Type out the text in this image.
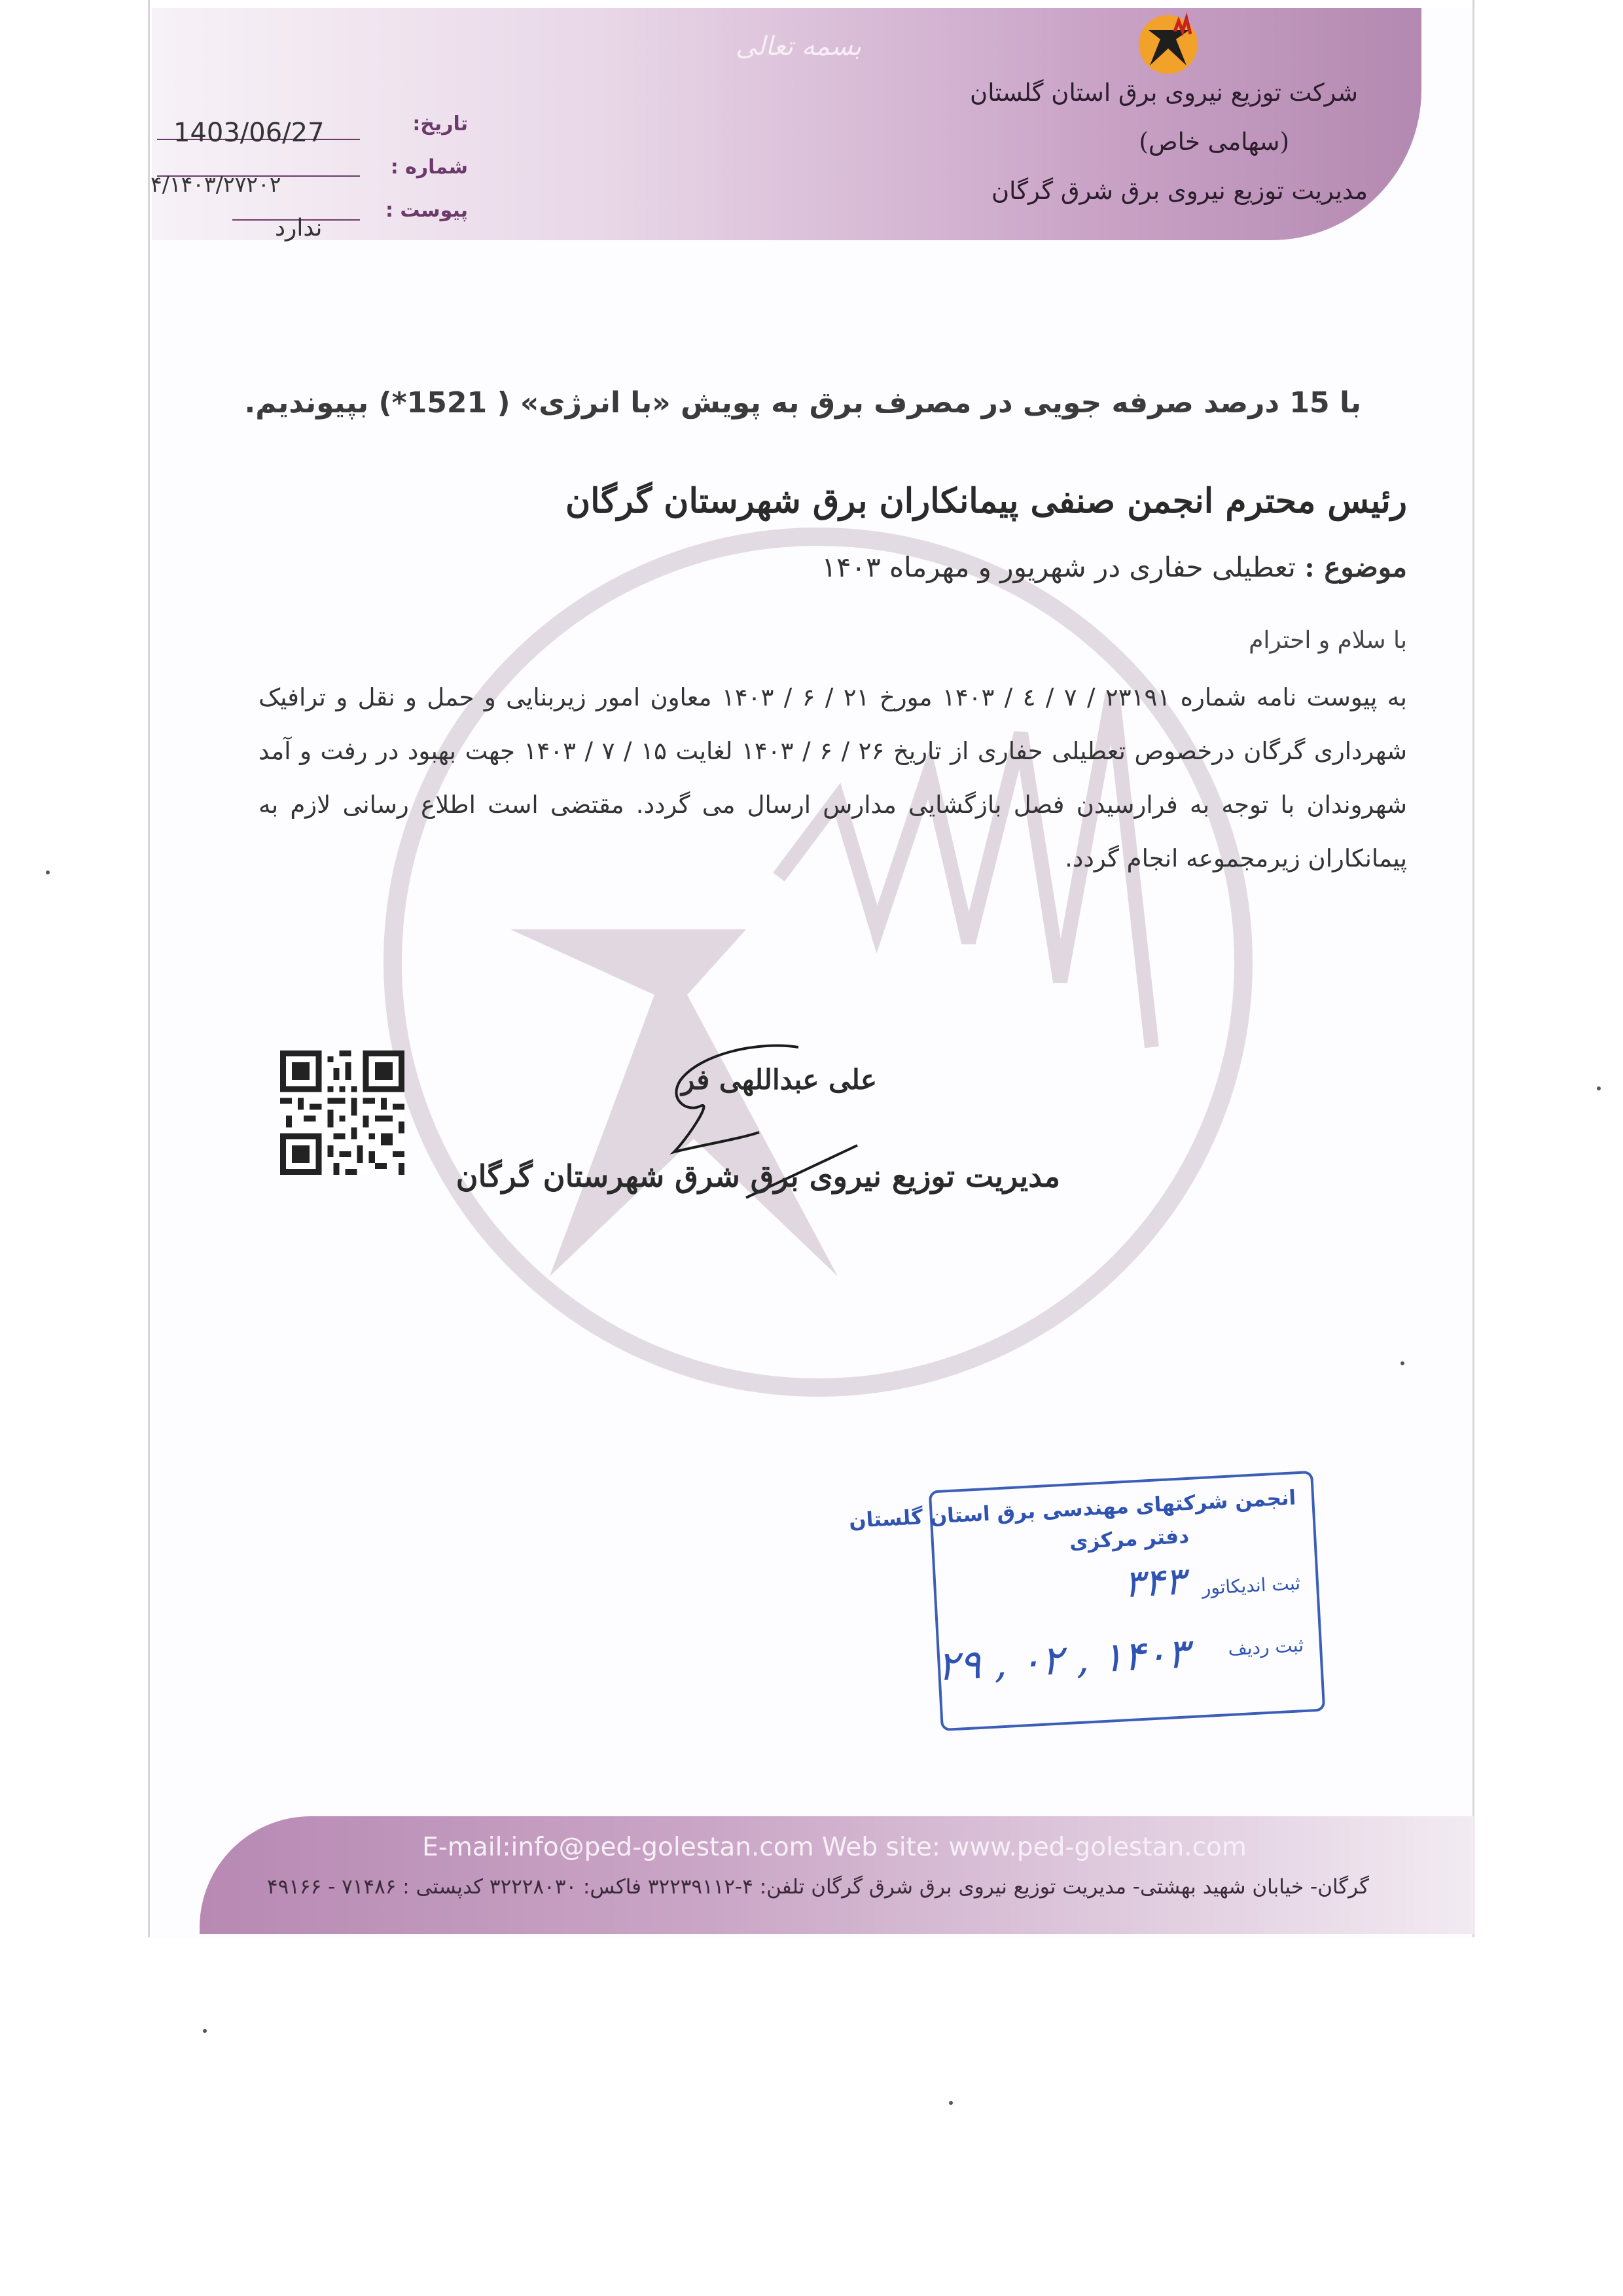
بسمه تعالی
شرکت توزیع نیروی برق استان گلستان
(سهامی خاص)
مدیریت توزیع نیروی برق شرق گرگان
تاریخ:
1403/06/27
شماره :
۴/۱۴۰۳/۲۷۲۰۲
پیوست :
ندارد
با 15 درصد صرفه جویی در مصرف برق به پویش «با انرژی» ( 1521*) بپیوندیم.
رئیس محترم انجمن صنفی پیمانکاران برق شهرستان گرگان
موضوع : تعطیلی حفاری در شهریور و مهرماه ۱۴۰۳
با سلام و احترام
به پیوست نامه شماره ۲۳۱۹۱ / ۷ / ٤ / ۱۴۰۳ مورخ ۲۱ / ۶ / ۱۴۰۳ معاون امور زیربنایی و حمل و نقل و ترافیک شهرداری گرگان درخصوص تعطیلی حفاری از تاریخ ۲۶ / ۶ / ۱۴۰۳ لغایت ۱۵ / ۷ / ۱۴۰۳ جهت بهبود در رفت و آمد شهروندان با توجه به فرارسیدن فصل بازگشایی مدارس ارسال می گردد. مقتضی است اطلاع رسانی لازم به پیمانکاران زیرمجموعه انجام گردد.
علی عبداللهی فر
مدیریت توزیع نیروی برق شرق شهرستان گرگان
انجمن شرکتهای مهندسی برق استان گلستان
دفتر مرکزی
ثبت اندیکاتور
۳۴۳
ثبت ردیف
۱۴۰۳ , ۰۲ , ۲۹
E-mail:info@ped-golestan.com Web site: www.ped-golestan.com
گرگان- خیابان شهید بهشتی- مدیریت توزیع نیروی برق شرق گرگان تلفن: ۴-۳۲۲۳۹۱۱۲ فاکس: ۳۲۲۲۸۰۳۰ کدپستی : ۷۱۴۸۶ - ۴۹۱۶۶
